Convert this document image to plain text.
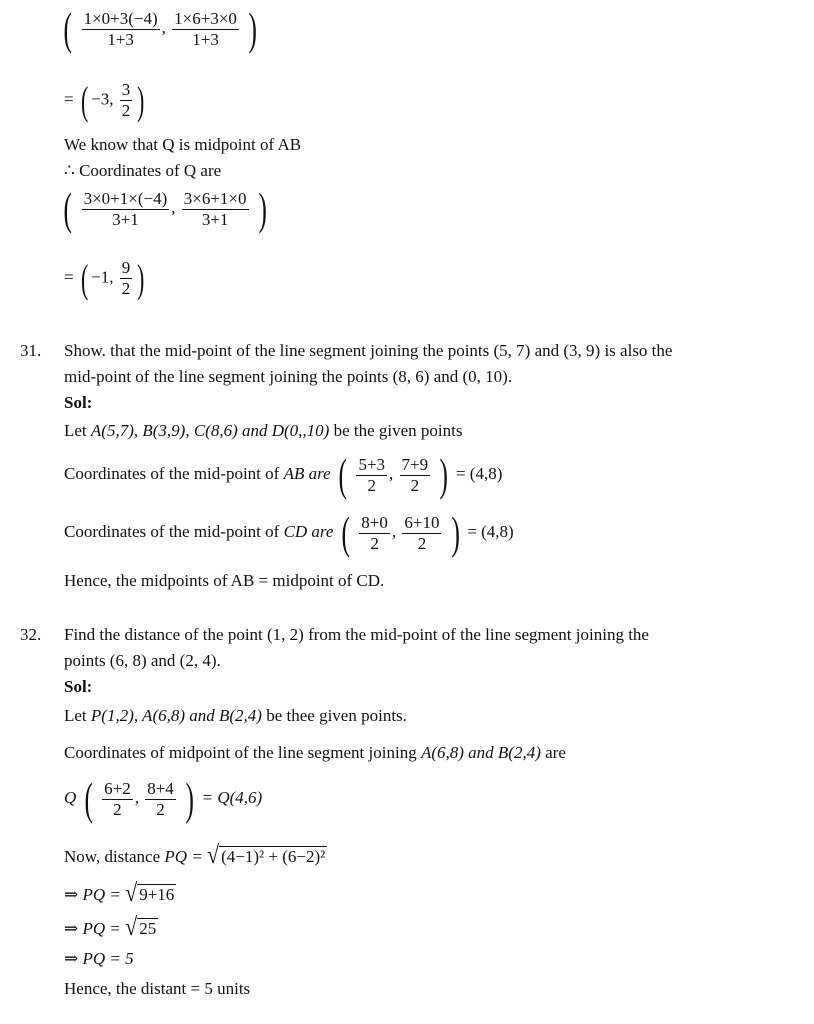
( $\frac{1\times 0+3(-4)}{1+3}$ , $\frac{1\times 6+3\times 0}{1+3}$ )
= ( −3, $\frac{3}{2}$ )
We know that Q is midpoint of AB
∴ Coordinates of Q are
( $\frac{3\times 0+1\times(-4)}{3+1}$ , $\frac{3\times 6+1\times 0}{3+1}$ )
= ( −1, $\frac{9}{2}$ )
31. Show. that the mid-point of the line segment joining the points (5, 7) and (3, 9) is also the
mid-point of the line segment joining the points (8, 6) and (0, 10).
Sol:
Let A(5,7), B(3,9), C(8,6) and D(0,,10) be the given points
Coordinates of the mid-point of AB are ( $\frac{5+3}{2}$ , $\frac{7+9}{2}$ ) = (4,8)
Coordinates of the mid-point of CD are ( $\frac{8+0}{2}$ , $\frac{6+10}{2}$ ) = (4,8)
Hence, the midpoints of AB = midpoint of CD.
32. Find the distance of the point (1, 2) from the mid-point of the line segment joining the
points (6, 8) and (2, 4).
Sol:
Let P(1,2), A(6,8) and B(2,4) be thee given points.
Coordinates of midpoint of the line segment joining A(6,8) and B(2,4) are
Q ( $\frac{6+2}{2}$ , $\frac{8+4}{2}$ ) = Q(4,6)
Now, distance PQ = √ (4−1)² + (6−2)²
⇒ PQ = √ 9+16
⇒ PQ = √ 25
⇒ PQ = 5
Hence, the distant = 5 units
